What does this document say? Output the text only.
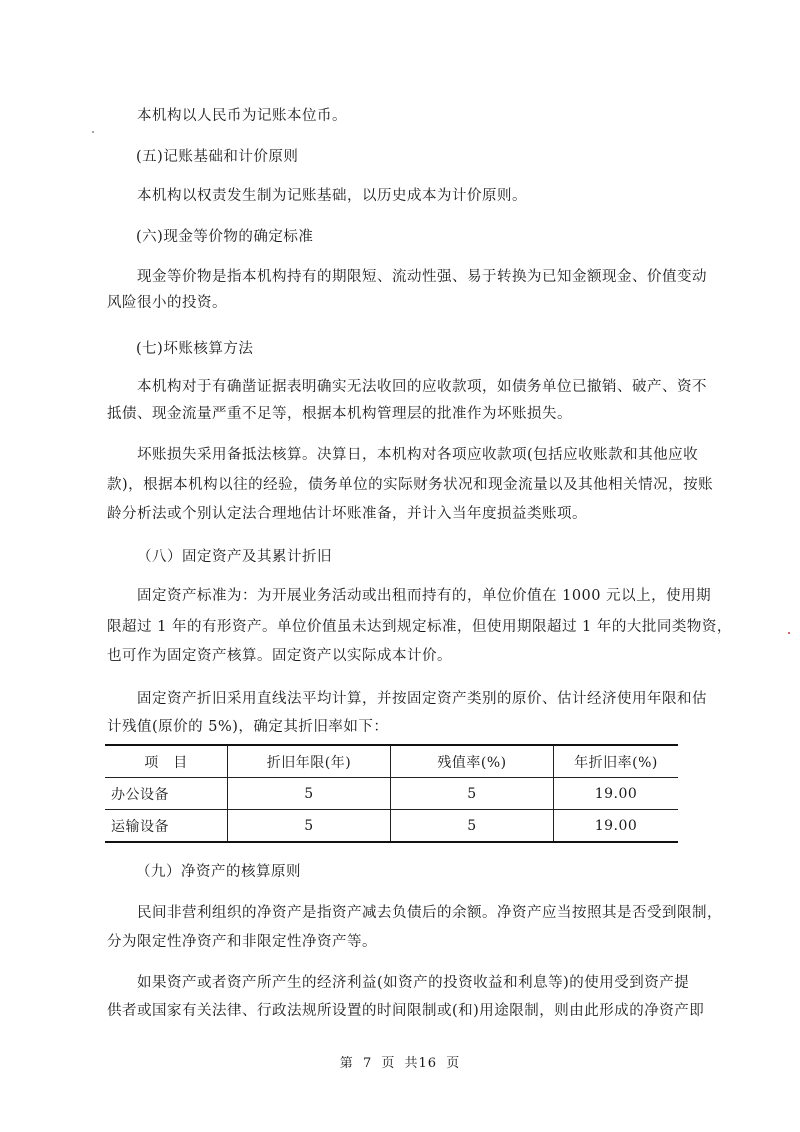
本机构以人民币为记账本位币。
(五)记账基础和计价原则
本机构以权责发生制为记账基础，以历史成本为计价原则。
(六)现金等价物的确定标准
现金等价物是指本机构持有的期限短、流动性强、易于转换为已知金额现金、价值变动
风险很小的投资。
(七)坏账核算方法
本机构对于有确凿证据表明确实无法收回的应收款项，如债务单位已撤销、破产、资不
抵债、现金流量严重不足等，根据本机构管理层的批准作为坏账损失。
坏账损失采用备抵法核算。决算日，本机构对各项应收款项(包括应收账款和其他应收
款)，根据本机构以往的经验，债务单位的实际财务状况和现金流量以及其他相关情况，按账
龄分析法或个别认定法合理地估计坏账准备，并计入当年度损益类账项。
（八）固定资产及其累计折旧
固定资产标准为：为开展业务活动或出租而持有的，单位价值在 1000 元以上，使用期
限超过 1 年的有形资产。单位价值虽未达到规定标准，但使用期限超过 1 年的大批同类物资，
也可作为固定资产核算。固定资产以实际成本计价。
固定资产折旧采用直线法平均计算，并按固定资产类别的原价、估计经济使用年限和估
计残值(原价的 5%)，确定其折旧率如下：
项　目	折旧年限(年)	残值率(%)	年折旧率(%)
办公设备	5	5	19.00
运输设备	5	5	19.00
（九）净资产的核算原则
民间非营利组织的净资产是指资产减去负债后的余额。净资产应当按照其是否受到限制，
分为限定性净资产和非限定性净资产等。
如果资产或者资产所产生的经济利益(如资产的投资收益和利息等)的使用受到资产提
供者或国家有关法律、行政法规所设置的时间限制或(和)用途限制，则由此形成的净资产即
第 7 页 共16 页
